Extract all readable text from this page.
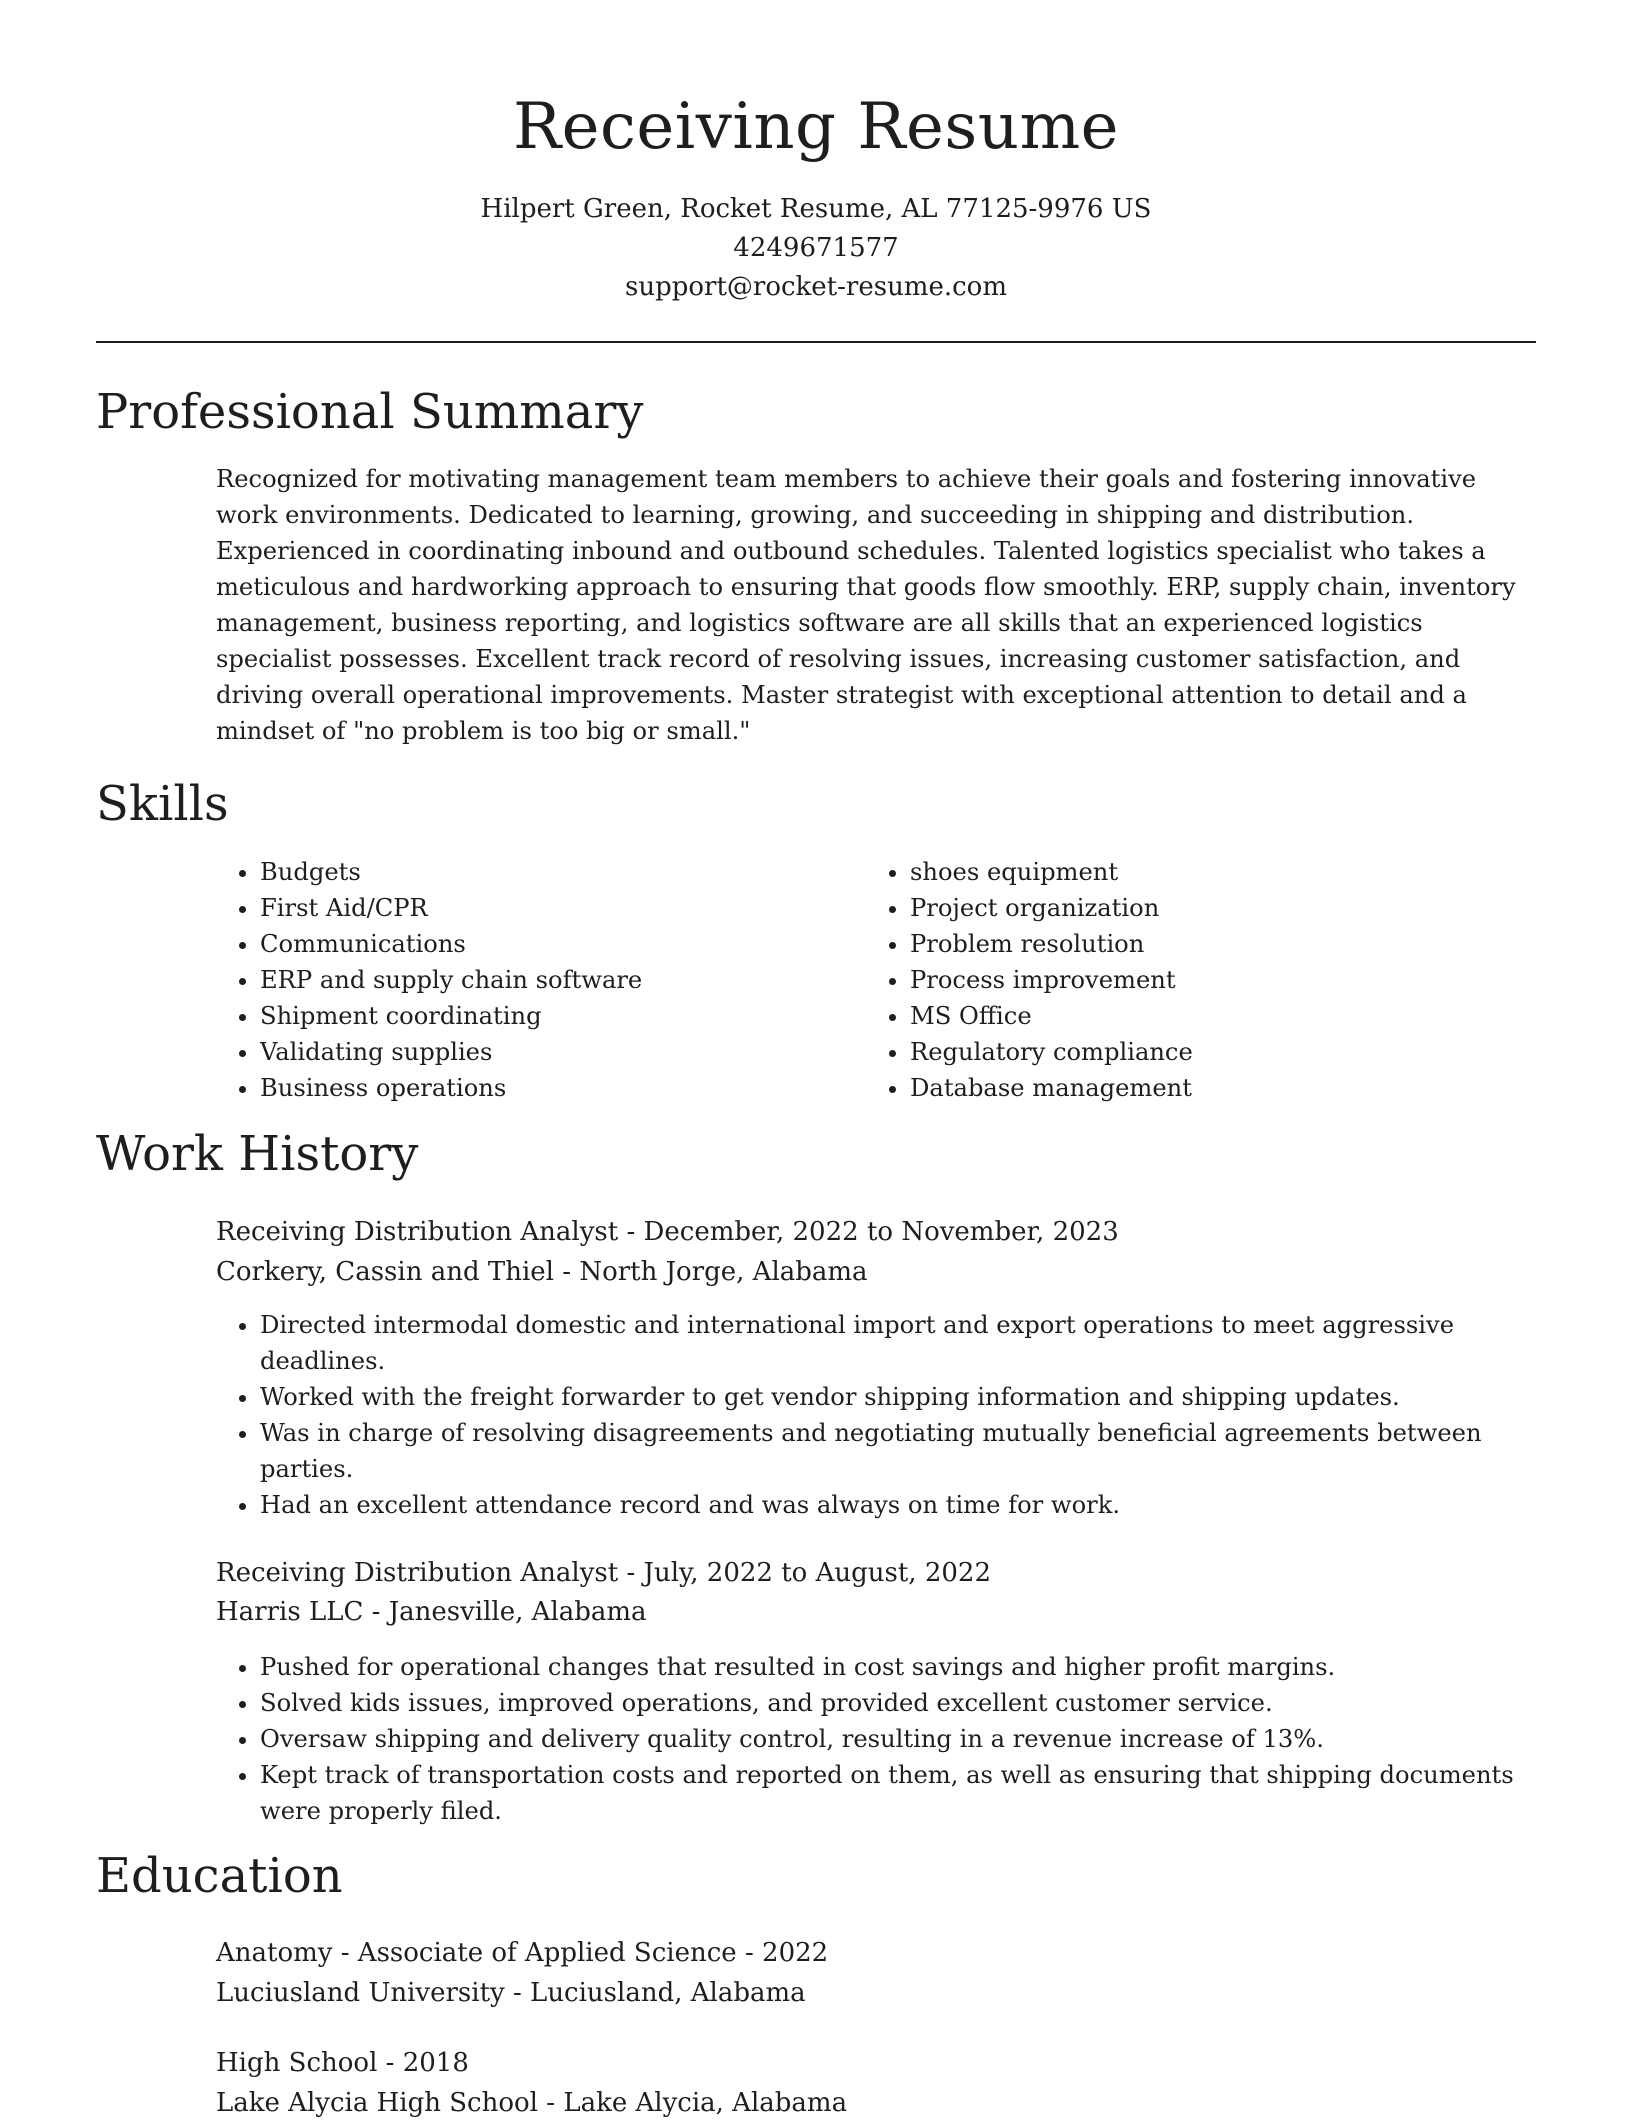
Receiving Resume
Hilpert Green, Rocket Resume, AL 77125-9976 US
4249671577
support@rocket-resume.com
Professional Summary

Recognized for motivating management team members to achieve their goals and fostering innovative work environments. Dedicated to learning, growing, and succeeding in shipping and distribution. Experienced in coordinating inbound and outbound schedules. Talented logistics specialist who takes a meticulous and hardworking approach to ensuring that goods flow smoothly. ERP, supply chain, inventory management, business reporting, and logistics software are all skills that an experienced logistics specialist possesses. Excellent track record of resolving issues, increasing customer satisfaction, and driving overall operational improvements. Master strategist with exceptional attention to detail and a mindset of "no problem is too big or small."

Skills
• Budgets
• First Aid/CPR
• Communications
• ERP and supply chain software
• Shipment coordinating
• Validating supplies
• Business operations
• shoes equipment
• Project organization
• Problem resolution
• Process improvement
• MS Office
• Regulatory compliance
• Database management
Work History
Receiving Distribution Analyst - December, 2022 to November, 2023
Corkery, Cassin and Thiel - North Jorge, Alabama
• Directed intermodal domestic and international import and export operations to meet aggressive deadlines.
• Worked with the freight forwarder to get vendor shipping information and shipping updates.
• Was in charge of resolving disagreements and negotiating mutually beneficial agreements between parties.
• Had an excellent attendance record and was always on time for work.
Receiving Distribution Analyst - July, 2022 to August, 2022
Harris LLC - Janesville, Alabama
• Pushed for operational changes that resulted in cost savings and higher profit margins.
• Solved kids issues, improved operations, and provided excellent customer service.
• Oversaw shipping and delivery quality control, resulting in a revenue increase of 13%.
• Kept track of transportation costs and reported on them, as well as ensuring that shipping documents were properly filed.
Education
Anatomy - Associate of Applied Science - 2022
Luciusland University - Luciusland, Alabama
High School - 2018
Lake Alycia High School - Lake Alycia, Alabama
